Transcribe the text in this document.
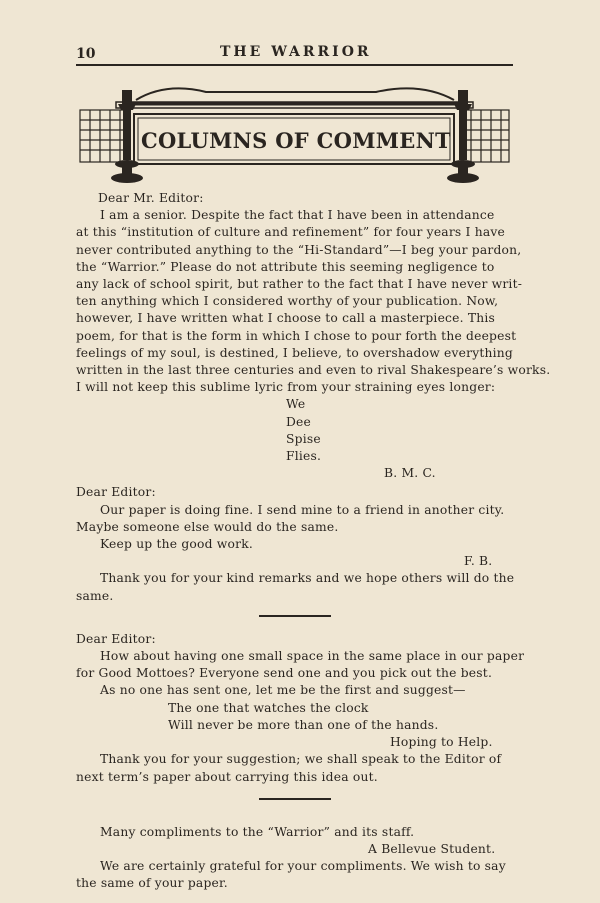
10	THE WARRIOR
COLUMNS OF COMMENT

Dear Mr. Editor:

I am a senior. Despite the fact that I have been in attendance
at this “institution of culture and refinement” for four years I have
never contributed anything to the “Hi-Standard”—I beg your pardon,
the “Warrior.” Please do not attribute this seeming negligence to
any lack of school spirit, but rather to the fact that I have never writ-
ten anything which I considered worthy of your publication. Now,
however, I have written what I choose to call a masterpiece. This
poem, for that is the form in which I chose to pour forth the deepest
feelings of my soul, is destined, I believe, to overshadow everything
written in the last three centuries and even to rival Shakespeare’s works.
I will not keep this sublime lyric from your straining eyes longer:

We
Dee
Spise
Flies.
B. M. C.

Dear Editor:

Our paper is doing fine. I send mine to a friend in another city.
Maybe someone else would do the same.
Keep up the good work.
F. B.
Thank you for your kind remarks and we hope others will do the
same.

Dear Editor:

How about having one small space in the same place in our paper
for Good Mottoes? Everyone send one and you pick out the best.
As no one has sent one, let me be the first and suggest—
The one that watches the clock
Will never be more than one of the hands.
Hoping to Help.
Thank you for your suggestion; we shall speak to the Editor of
next term’s paper about carrying this idea out.
Many compliments to the “Warrior” and its staff.
A Bellevue Student.
We are certainly grateful for your compliments. We wish to say
the same of your paper.
